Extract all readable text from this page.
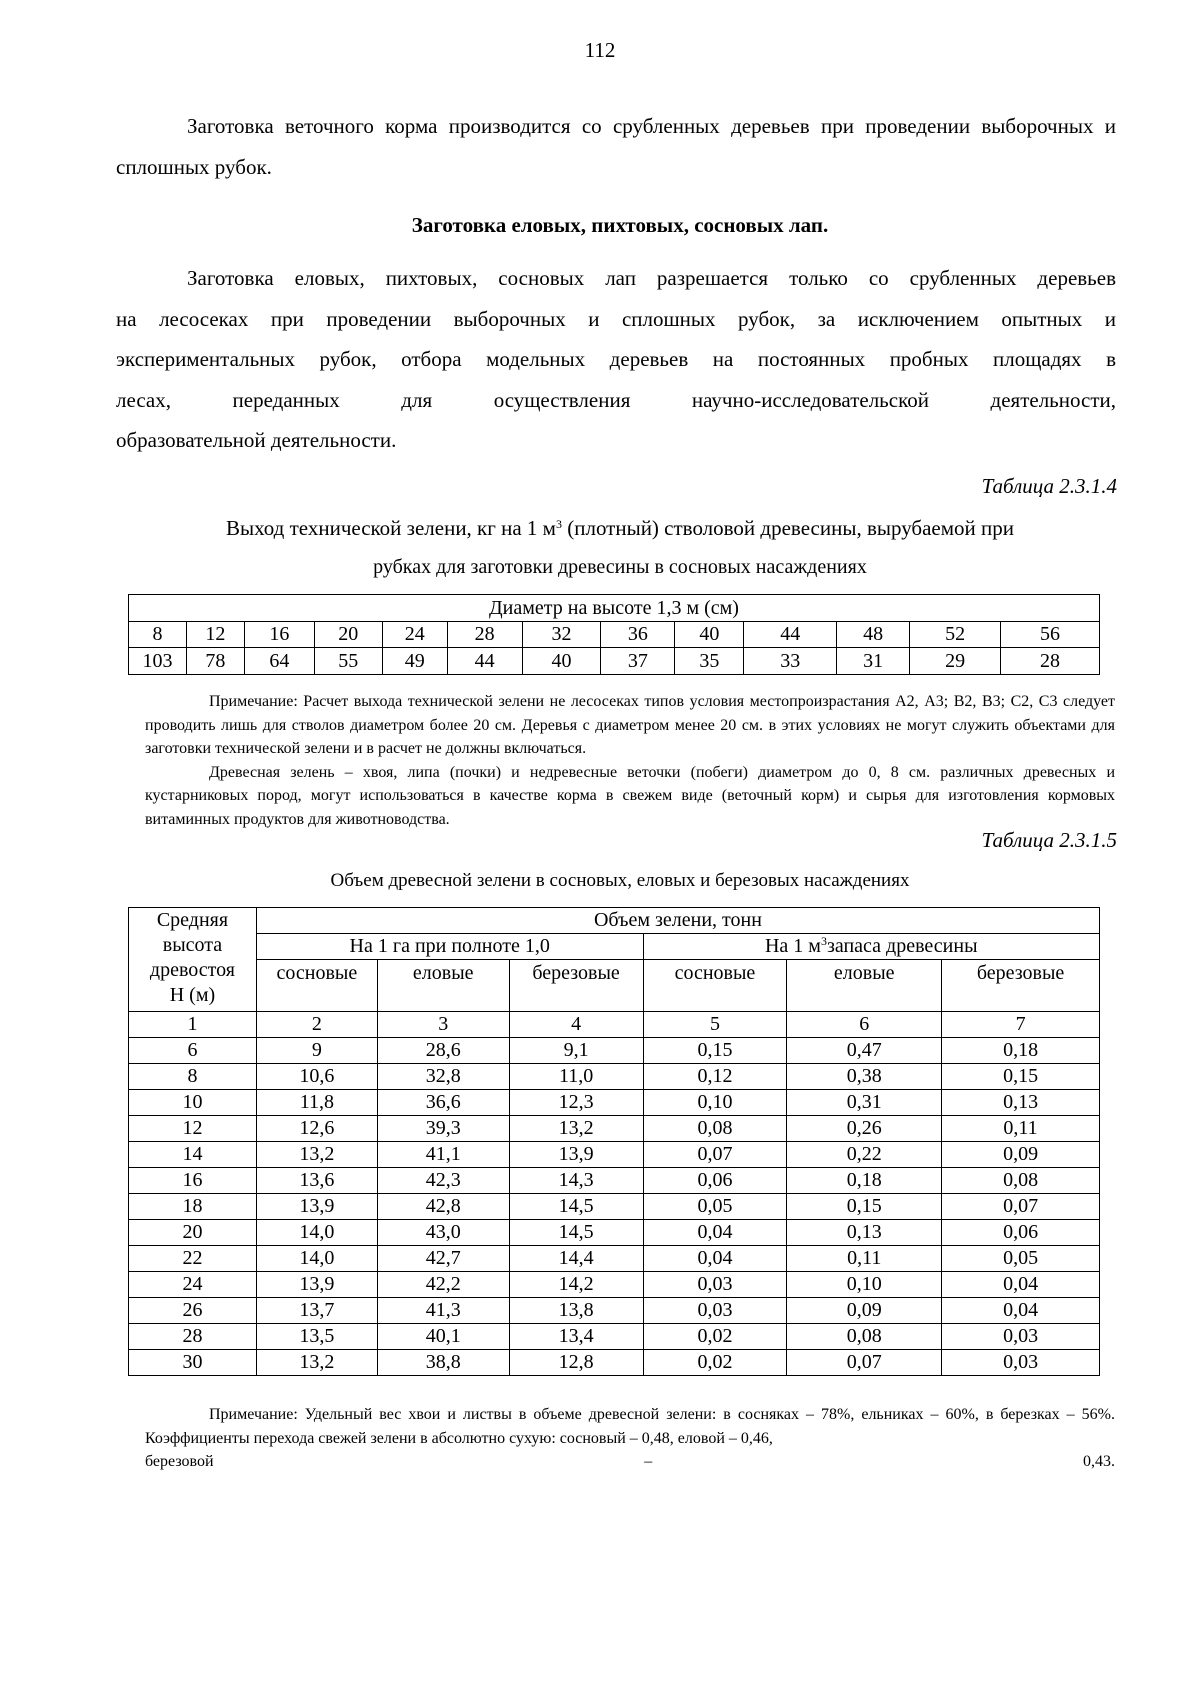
112
Заготовка веточного корма производится со срубленных деревьев при проведении выборочных и сплошных рубок.
Заготовка еловых, пихтовых, сосновых лап.
Заготовка еловых, пихтовых, сосновых лап разрешается только со срубленных деревьев
на лесосеках при проведении выборочных и сплошных рубок, за исключением опытных и
экспериментальных рубок, отбора модельных деревьев на постоянных пробных площадях в
лесах, переданных для осуществления научно-исследовательской деятельности,
образовательной деятельности.
Таблица 2.3.1.4
Выход технической зелени, кг на 1 $м^3$ (плотный) стволовой древесины, вырубаемой при
рубках для заготовки древесины в сосновых насаждениях
Диаметр на высоте 1,3 м (см)												
8	12	16	20	24	28	32	36	40	44	48	52	56
103	78	64	55	49	44	40	37	35	33	31	29	28
Примечание: Расчет выхода технической зелени не лесосеках типов условия местопроизрастания А2, А3; В2, В3; С2, С3 следует проводить лишь для стволов диаметром более 20 см. Деревья с диаметром менее 20 см. в этих условиях не могут служить объектами для заготовки технической зелени и в расчет не должны включаться.
Древесная зелень – хвоя, липа (почки) и недревесные веточки (побеги) диаметром до 0, 8 см. различных древесных и кустарниковых пород, могут использоваться в качестве корма в свежем виде (веточный корм) и сырья для изготовления кормовых витаминных продуктов для животноводства.
Таблица 2.3.1.5
Объем древесной зелени в сосновых, еловых и березовых насаждениях
Средняя
высота
древостоя
Н (м)	Объем зелени, тонн					
	На 1 га при полноте 1,0			На 1 $м^3запаса$ древесины		
	сосновые	еловые	березовые	сосновые	еловые	березовые
1	2	3	4	5	6	7
6	9	28,6	9,1	0,15	0,47	0,18
8	10,6	32,8	11,0	0,12	0,38	0,15
10	11,8	36,6	12,3	0,10	0,31	0,13
12	12,6	39,3	13,2	0,08	0,26	0,11
14	13,2	41,1	13,9	0,07	0,22	0,09
16	13,6	42,3	14,3	0,06	0,18	0,08
18	13,9	42,8	14,5	0,05	0,15	0,07
20	14,0	43,0	14,5	0,04	0,13	0,06
22	14,0	42,7	14,4	0,04	0,11	0,05
24	13,9	42,2	14,2	0,03	0,10	0,04
26	13,7	41,3	13,8	0,03	0,09	0,04
28	13,5	40,1	13,4	0,02	0,08	0,03
30	13,2	38,8	12,8	0,02	0,07	0,03
Примечание: Удельный вес хвои и листвы в объеме древесной зелени: в сосняках – 78%, ельниках – 60%, в березках – 56%. Коэффициенты перехода свежей зелени в абсолютно сухую: сосновый – 0,48, еловой – 0,46,
березовой	–	0,43.
